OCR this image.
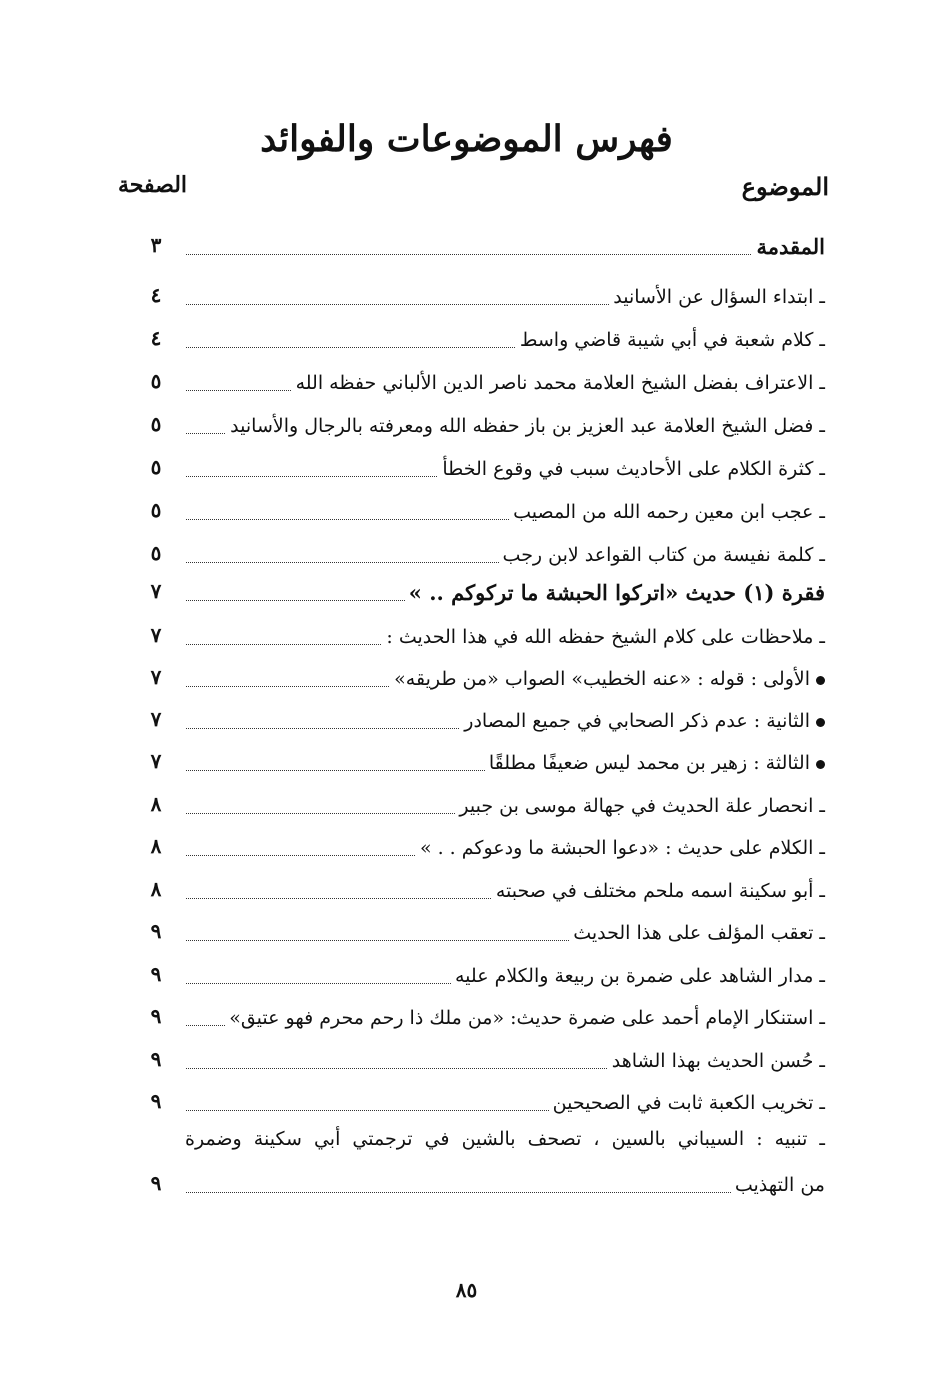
فهرس الموضوعات والفوائد
الموضوع
الصفحة
المقدمة
٣
ـ ابتداء السؤال عن الأسانيد
٤
ـ كلام شعبة في أبي شيبة قاضي واسط
٤
ـ الاعتراف بفضل الشيخ العلامة محمد ناصر الدين الألباني حفظه الله
٥
ـ فضل الشيخ العلامة عبد العزيز بن باز حفظه الله ومعرفته بالرجال والأسانيد
٥
ـ كثرة الكلام على الأحاديث سبب في وقوع الخطأ
٥
ـ عجب ابن معين رحمه الله من المصيب
٥
ـ كلمة نفيسة من كتاب القواعد لابن رجب
٥
فقرة (١) حديث «اتركوا الحبشة ما تركوكم .. »
٧
ـ ملاحظات على كلام الشيخ حفظه الله في هذا الحديث :
٧
الأولى : قوله : «عنه الخطيب» الصواب «من طريقه»
٧
الثانية : عدم ذكر الصحابي في جميع المصادر
٧
الثالثة : زهير بن محمد ليس ضعيفًا مطلقًا
٧
ـ انحصار علة الحديث في جهالة موسى بن جبير
٨
ـ الكلام على حديث : «دعوا الحبشة ما ودعوكم . . »
٨
ـ أبو سكينة اسمه ملحم مختلف في صحبته
٨
ـ تعقب المؤلف على هذا الحديث
٩
ـ مدار الشاهد على ضمرة بن ربيعة والكلام عليه
٩
ـ استنكار الإمام أحمد على ضمرة حديث: «من ملك ذا رحم محرم فهو عتيق»
٩
ـ حُسن الحديث بهذا الشاهد
٩
ـ تخريب الكعبة ثابت في الصحيحين
٩
ـ تنبيه : السيباني بالسين ، تصحف بالشين في ترجمتي أبي سكينة وضمرة
من التهذيب
٩
٨٥
